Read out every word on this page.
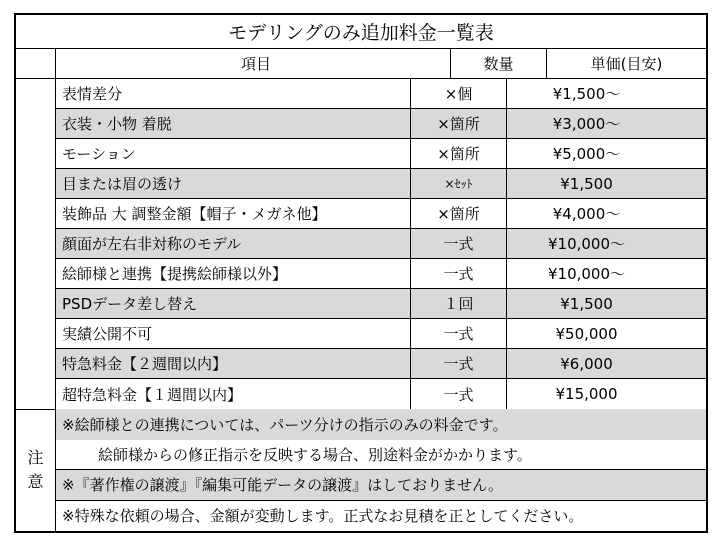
モデリングのみ追加料金一覧表
項目	数量	単価(目安)
表情差分	×個	¥1,500〜
衣装・小物 着脱	×箇所	¥3,000〜
モーション	×箇所	¥5,000〜
目または眉の透け	×ｾｯﾄ	¥1,500
装飾品 大 調整金額【帽子・メガネ他】	×箇所	¥4,000〜
顔面が左右非対称のモデル	一式	¥10,000〜
絵師様と連携【提携絵師様以外】	一式	¥10,000〜
PSDデータ差し替え	１回	¥1,500
実績公開不可	一式	¥50,000
特急料金【２週間以内】	一式	¥6,000
超特急料金【１週間以内】	一式	¥15,000
注
意
※絵師様との連携については、パーツ分けの指示のみの料金です。
絵師様からの修正指示を反映する場合、別途料金がかかります。
※『著作権の譲渡』『編集可能データの譲渡』はしておりません。
※特殊な依頼の場合、金額が変動します。正式なお見積を正としてください。
